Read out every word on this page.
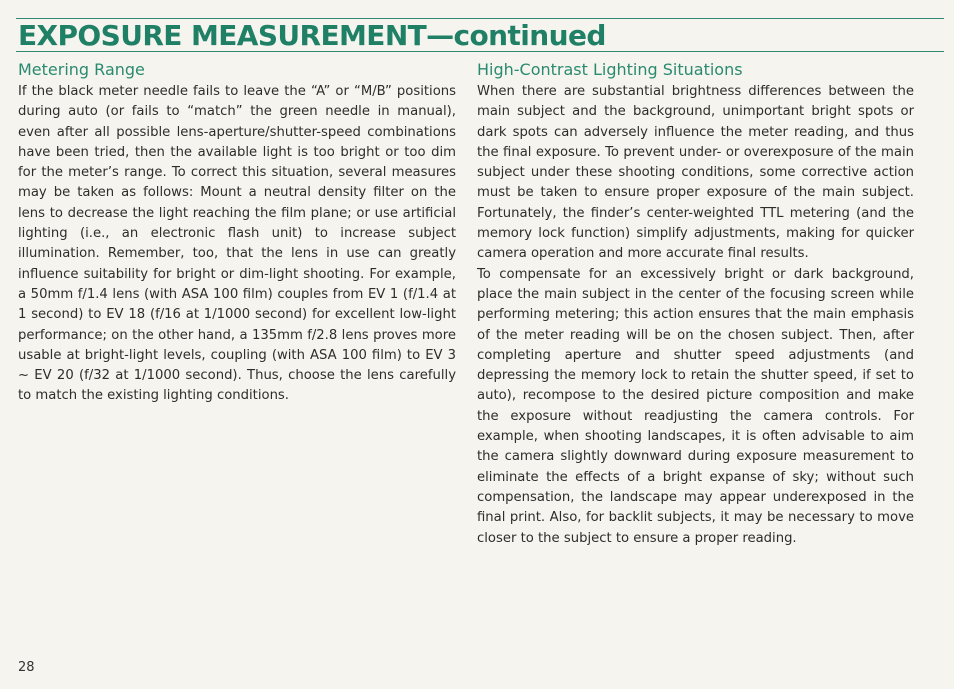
EXPOSURE MEASUREMENT—continued
Metering Range

If the black meter needle fails to leave the “A” or “M/B” positions during auto (or fails to “match” the green needle in manual), even after all possible lens-aperture/shutter-speed combinations have been tried, then the available light is too bright or too dim for the meter’s range. To correct this situation, several measures may be taken as follows: Mount a neutral density filter on the lens to decrease the light reaching the film plane; or use artificial lighting (i.e., an electronic flash unit) to increase subject illumination. Remember, too, that the lens in use can greatly influence suitability for bright or dim-light shooting. For example, a 50mm f/1.4 lens (with ASA 100 film) couples from EV 1 (f/1.4 at 1 second) to EV 18 (f/16 at 1/1000 second) for excellent low-light performance; on the other hand, a 135mm f/2.8 lens proves more usable at bright-light levels, coupling (with ASA 100 film) to EV 3 ~ EV 20 (f/32 at 1/1000 second). Thus, choose the lens carefully to match the existing lighting conditions.

High-Contrast Lighting Situations

When there are substantial brightness differences between the main subject and the background, unimportant bright spots or dark spots can adversely influence the meter reading, and thus the final exposure. To prevent under- or overexposure of the main subject under these shooting conditions, some corrective action must be taken to ensure proper exposure of the main subject. Fortunately, the finder’s center-weighted TTL metering (and the memory lock function) simplify adjustments, making for quicker camera operation and more accurate final results.

To compensate for an excessively bright or dark background, place the main subject in the center of the focusing screen while performing metering; this action ensures that the main emphasis of the meter reading will be on the chosen subject. Then, after completing aperture and shutter speed adjustments (and depressing the memory lock to retain the shutter speed, if set to auto), recompose to the desired picture composition and make the exposure without readjusting the camera controls. For example, when shooting landscapes, it is often advisable to aim the camera slightly downward during exposure measurement to eliminate the effects of a bright expanse of sky; without such compensation, the landscape may appear underexposed in the final print. Also, for backlit subjects, it may be necessary to move closer to the subject to ensure a proper reading.

28
